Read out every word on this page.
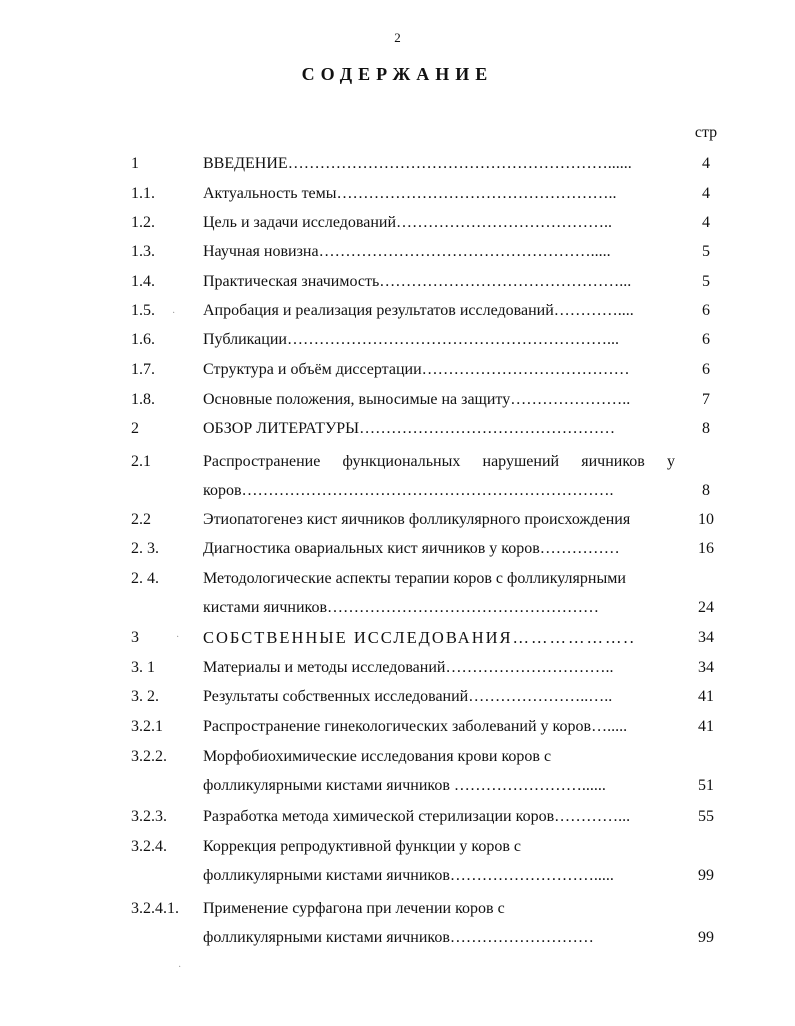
2
СОДЕРЖАНИЕ
стр
1	ВВЕДЕНИЕ……………………………………………………......	4
1.1.	Актуальность темы……………………………………………..	4
1.2.	Цель и задачи исследований…………………………………..	4
1.3.	Научная новизна…………………………………………….....	5
1.4.	Практическая значимость………………………………………...	5
1.5.	Апробация и реализация результатов исследований…………....	6
1.6.	Публикации……………………………………………………...	6
1.7.	Структура и объём диссертации…………………………………	6
1.8.	Основные положения, выносимые на защиту…………………..	7
2	ОБЗОР ЛИТЕРАТУРЫ…………………………………………	8
2.1	Распространение функциональных нарушений яичников у
коров…………………………………………………………….	8
2.2	Этиопатогенез кист яичников фолликулярного происхождения	10
2. 3.	Диагностика овариальных кист яичников у коров……………	16
2. 4.	Методологические аспекты терапии коров с фолликулярными
кистами яичников……………………………………………	24
3	СОБСТВЕННЫЕ ИССЛЕДОВАНИЯ………………..	34
3. 1	Материалы и методы исследований…………………………..	34
3. 2.	Результаты собственных исследований…………………..…..	41
3.2.1	Распространение гинекологических заболеваний у коров….....	41
3.2.2. Морфобиохимические исследования крови коров с
фолликулярными кистами яичников ……………………......	51
3.2.3. Разработка метода химической стерилизации коров…………...	55
3.2.4. Коррекция репродуктивной функции у коров с
фолликулярными кистами яичников……………………….....	99
3.2.4.1. Применение сурфагона при лечении коров с
фолликулярными кистами яичников………………………	99
·
·
·
